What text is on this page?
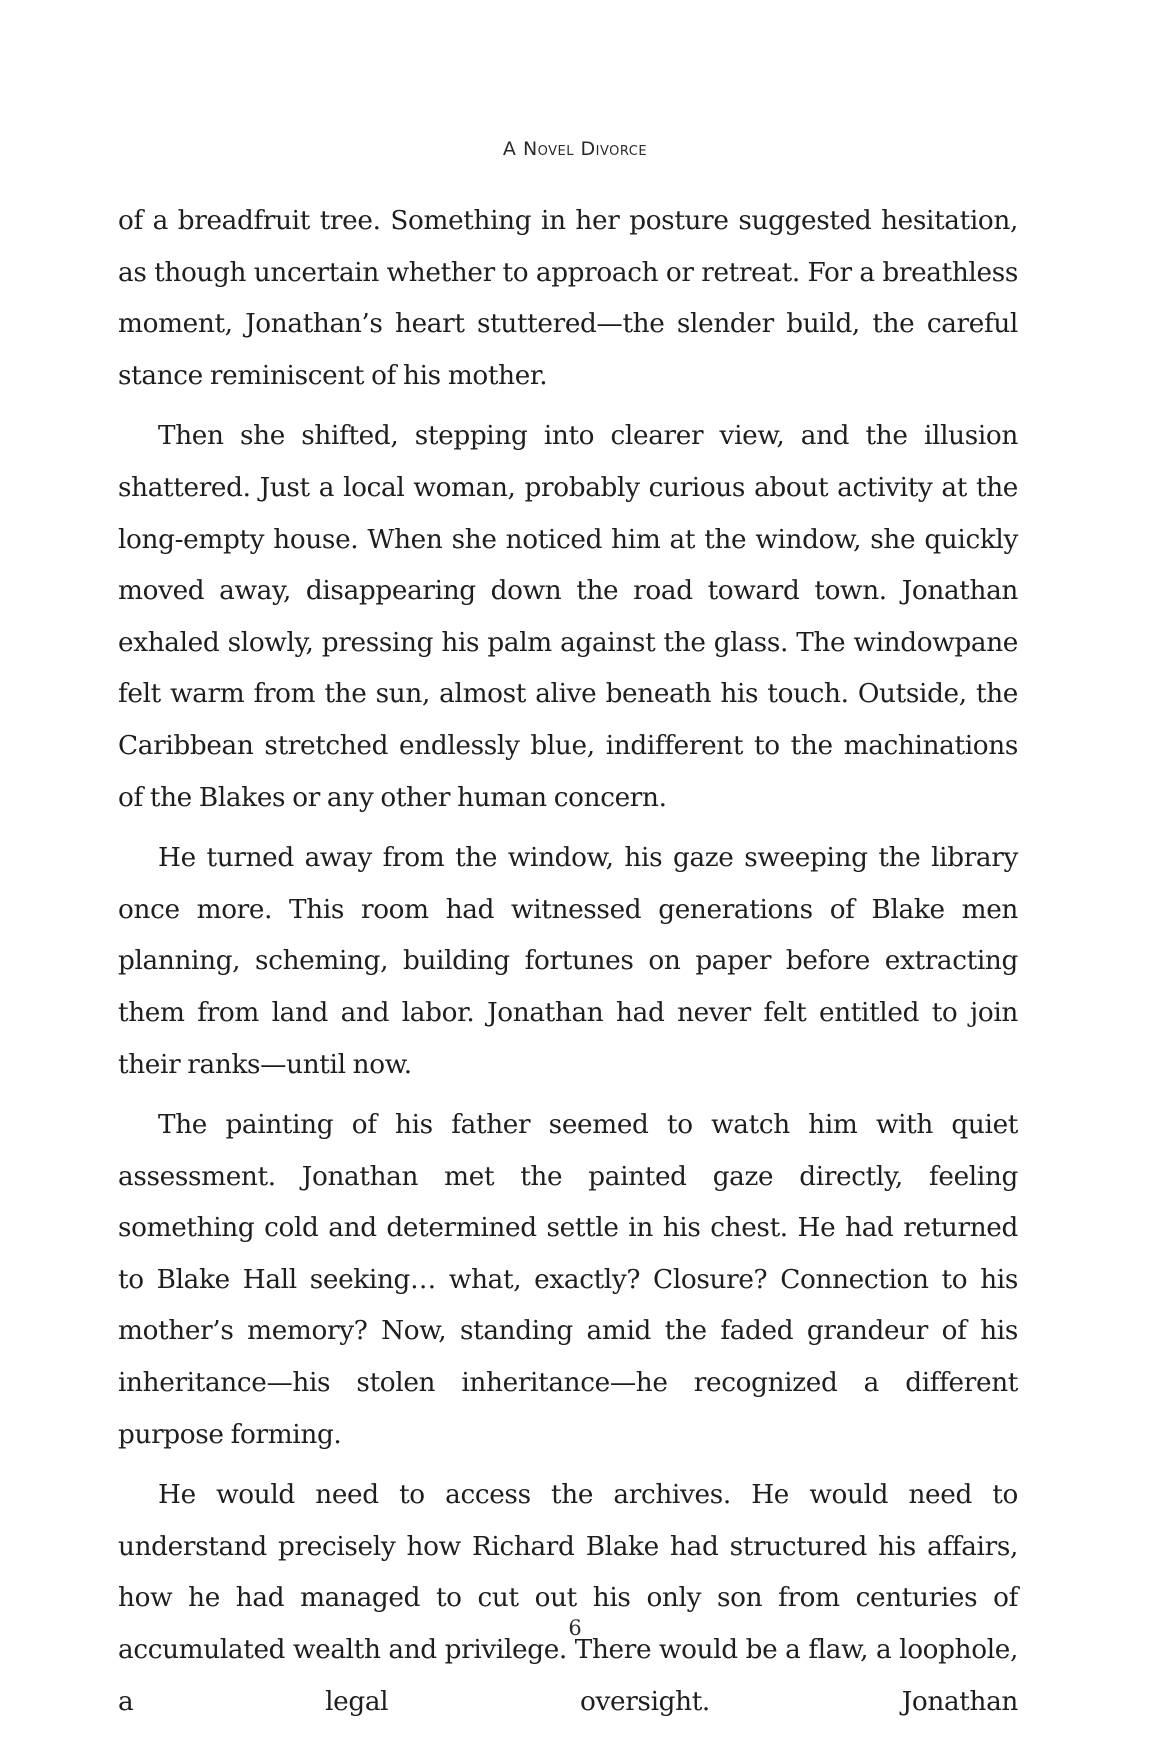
A Novel Divorce

of a breadfruit tree. Something in her posture suggested hesitation, as though uncertain whether to approach or retreat. For a breathless moment, Jonathan’s heart stuttered—the slender build, the careful stance reminiscent of his mother.

Then she shifted, stepping into clearer view, and the illusion shattered. Just a local woman, probably curious about activity at the long-empty house. When she noticed him at the window, she quickly moved away, disappearing down the road toward town. Jonathan exhaled slowly, pressing his palm against the glass. The windowpane felt warm from the sun, almost alive beneath his touch. Outside, the Caribbean stretched endlessly blue, indifferent to the machinations of the Blakes or any other human concern.

He turned away from the window, his gaze sweeping the library once more. This room had witnessed generations of Blake men planning, scheming, building fortunes on paper before extracting them from land and labor. Jonathan had never felt entitled to join their ranks—until now.

The painting of his father seemed to watch him with quiet assessment. Jonathan met the painted gaze directly, feeling something cold and determined settle in his chest. He had returned to Blake Hall seeking… what, exactly? Closure? Connection to his mother’s memory? Now, standing amid the faded grandeur of his inheritance—his stolen inheritance—he recognized a different purpose forming.

He would need to access the archives. He would need to understand precisely how Richard Blake had structured his affairs, how he had managed to cut out his only son from centuries of accumulated wealth and privilege. There would be a flaw, a loophole, a legal oversight. Jonathan

6
